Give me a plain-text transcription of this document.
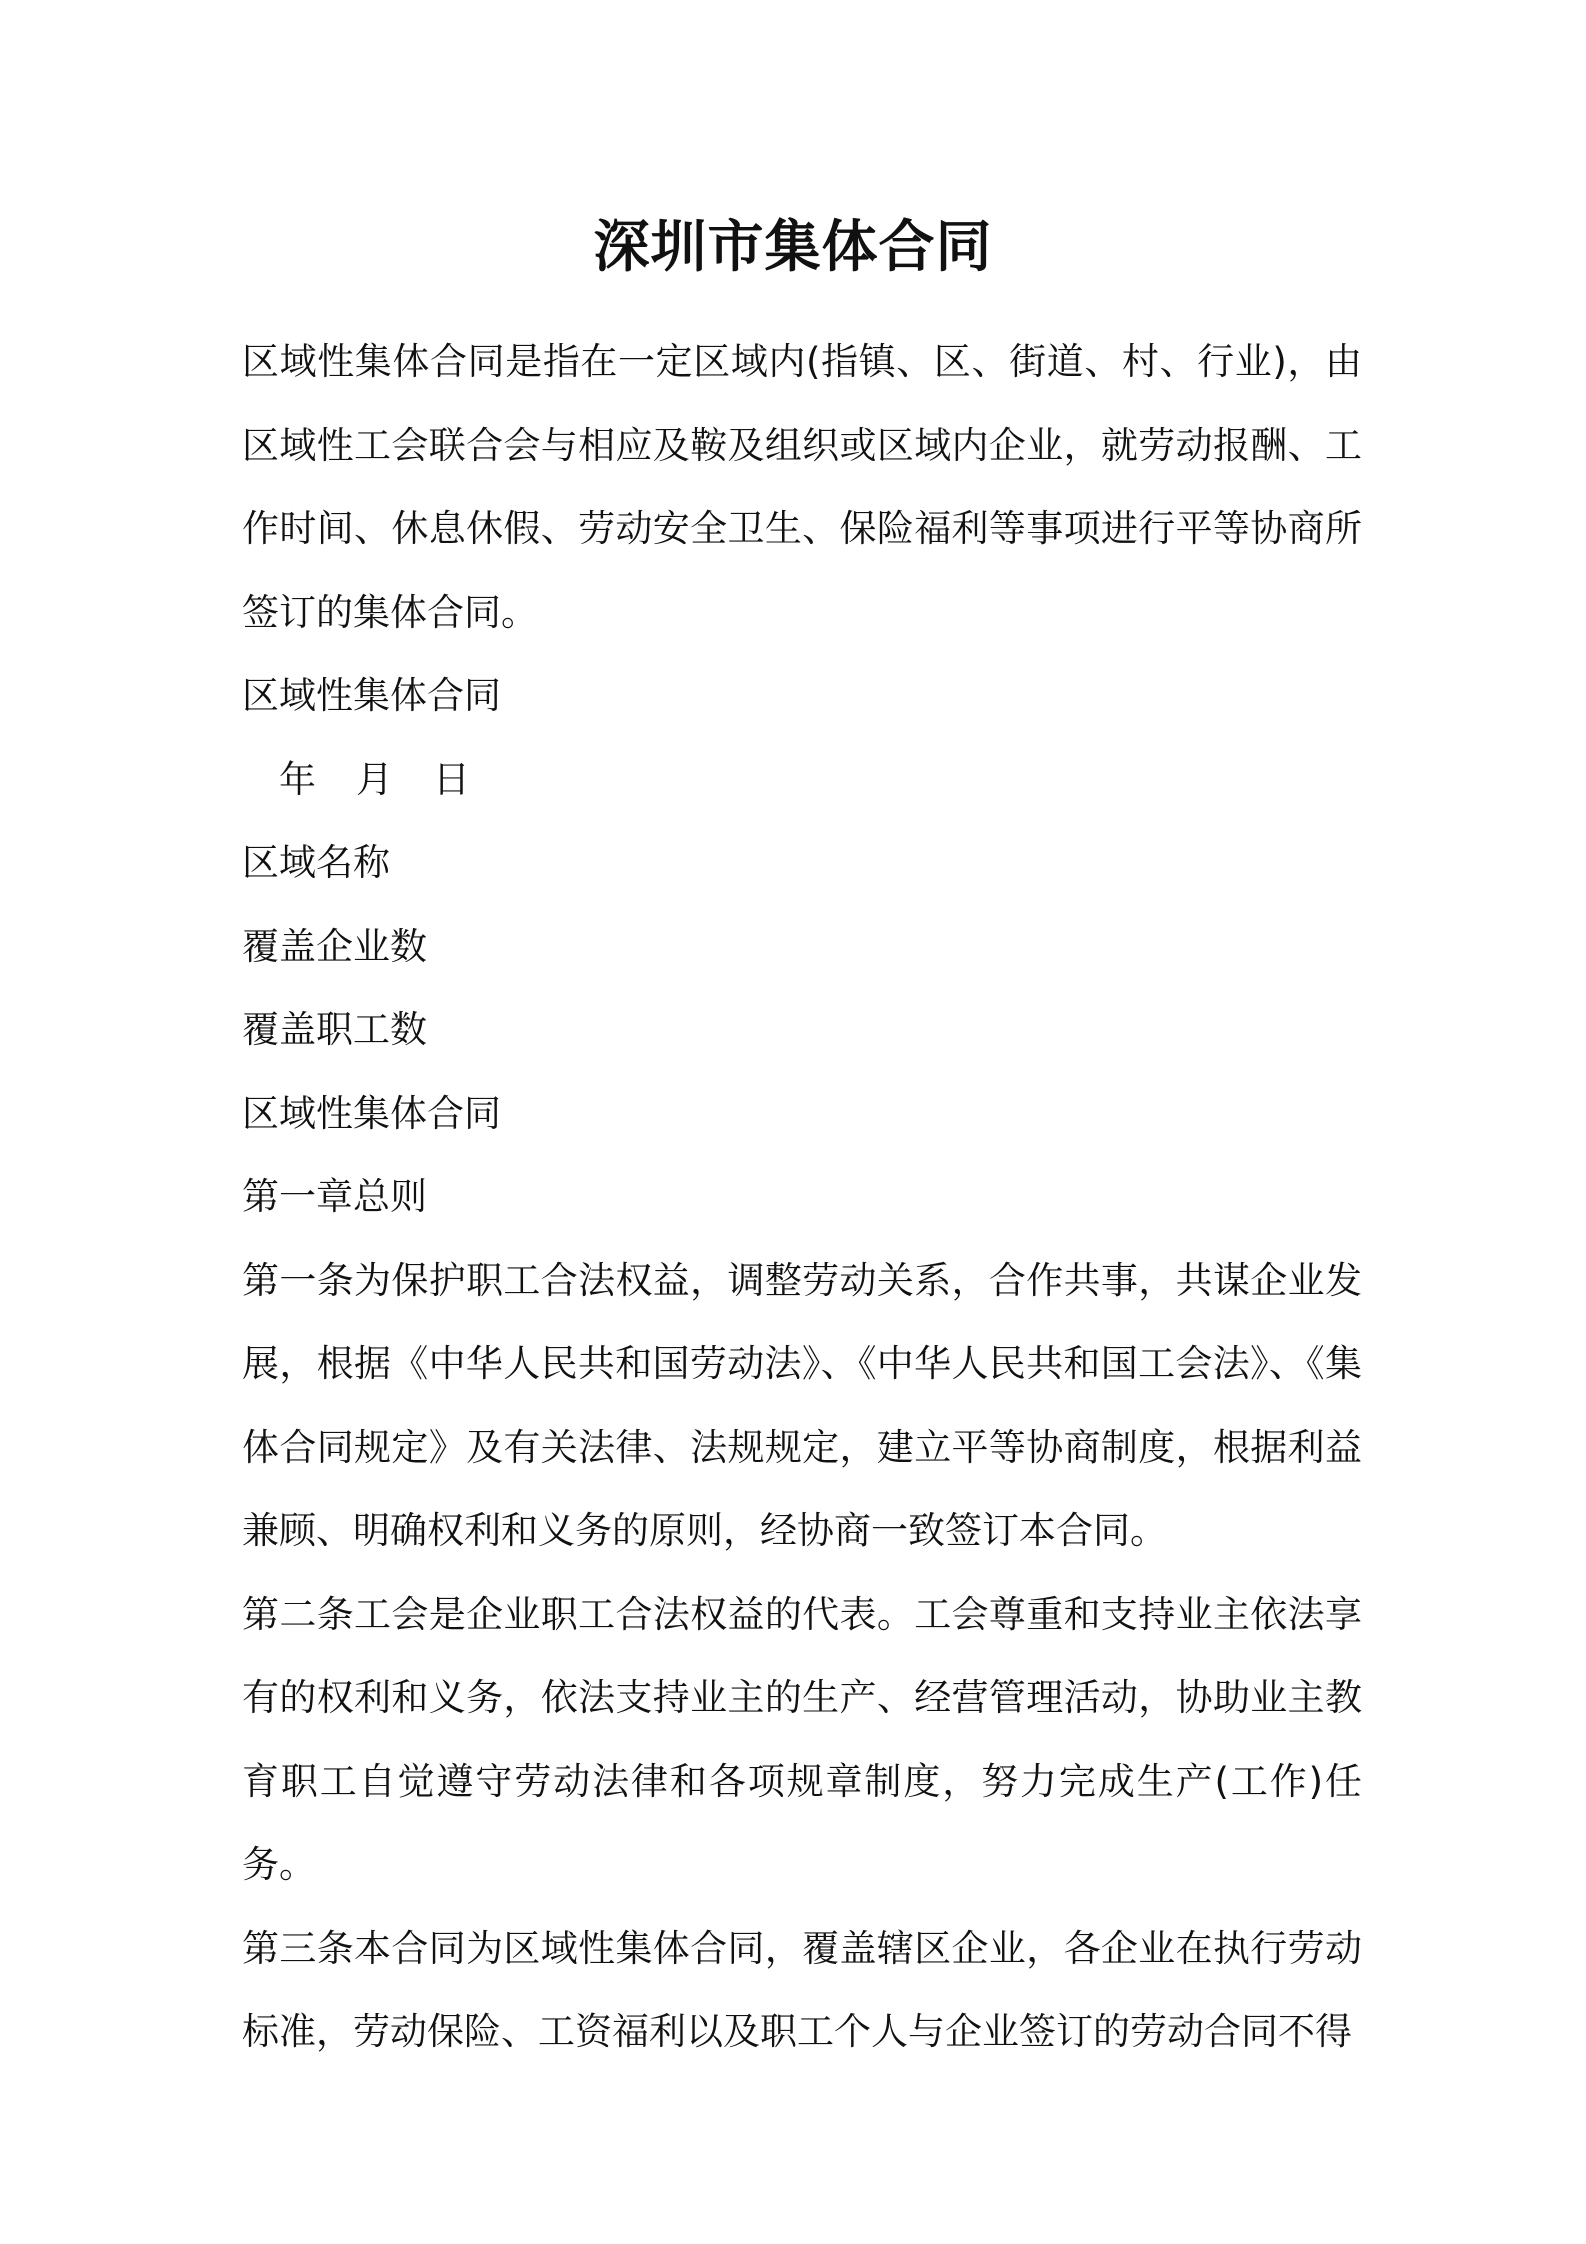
深圳市集体合同

区域性集体合同是指在一定区域内(指镇、区、街道、村、行业)，由区域性工会联合会与相应及鞍及组织或区域内企业，就劳动报酬、工作时间、休息休假、劳动安全卫生、保险福利等事项进行平等协商所签订的集体合同。

区域性集体合同

年 月 日

区域名称

覆盖企业数

覆盖职工数

区域性集体合同

第一章总则

第一条为保护职工合法权益，调整劳动关系，合作共事，共谋企业发展，根据《中华人民共和国劳动法》、《中华人民共和国工会法》、《集体合同规定》及有关法律、法规规定，建立平等协商制度，根据利益兼顾、明确权利和义务的原则，经协商一致签订本合同。

第二条工会是企业职工合法权益的代表。工会尊重和支持业主依法享有的权利和义务，依法支持业主的生产、经营管理活动，协助业主教育职工自觉遵守劳动法律和各项规章制度，努力完成生产(工作)任务。

第三条本合同为区域性集体合同，覆盖辖区企业，各企业在执行劳动标准，劳动保险、工资福利以及职工个人与企业签订的劳动合同不得
